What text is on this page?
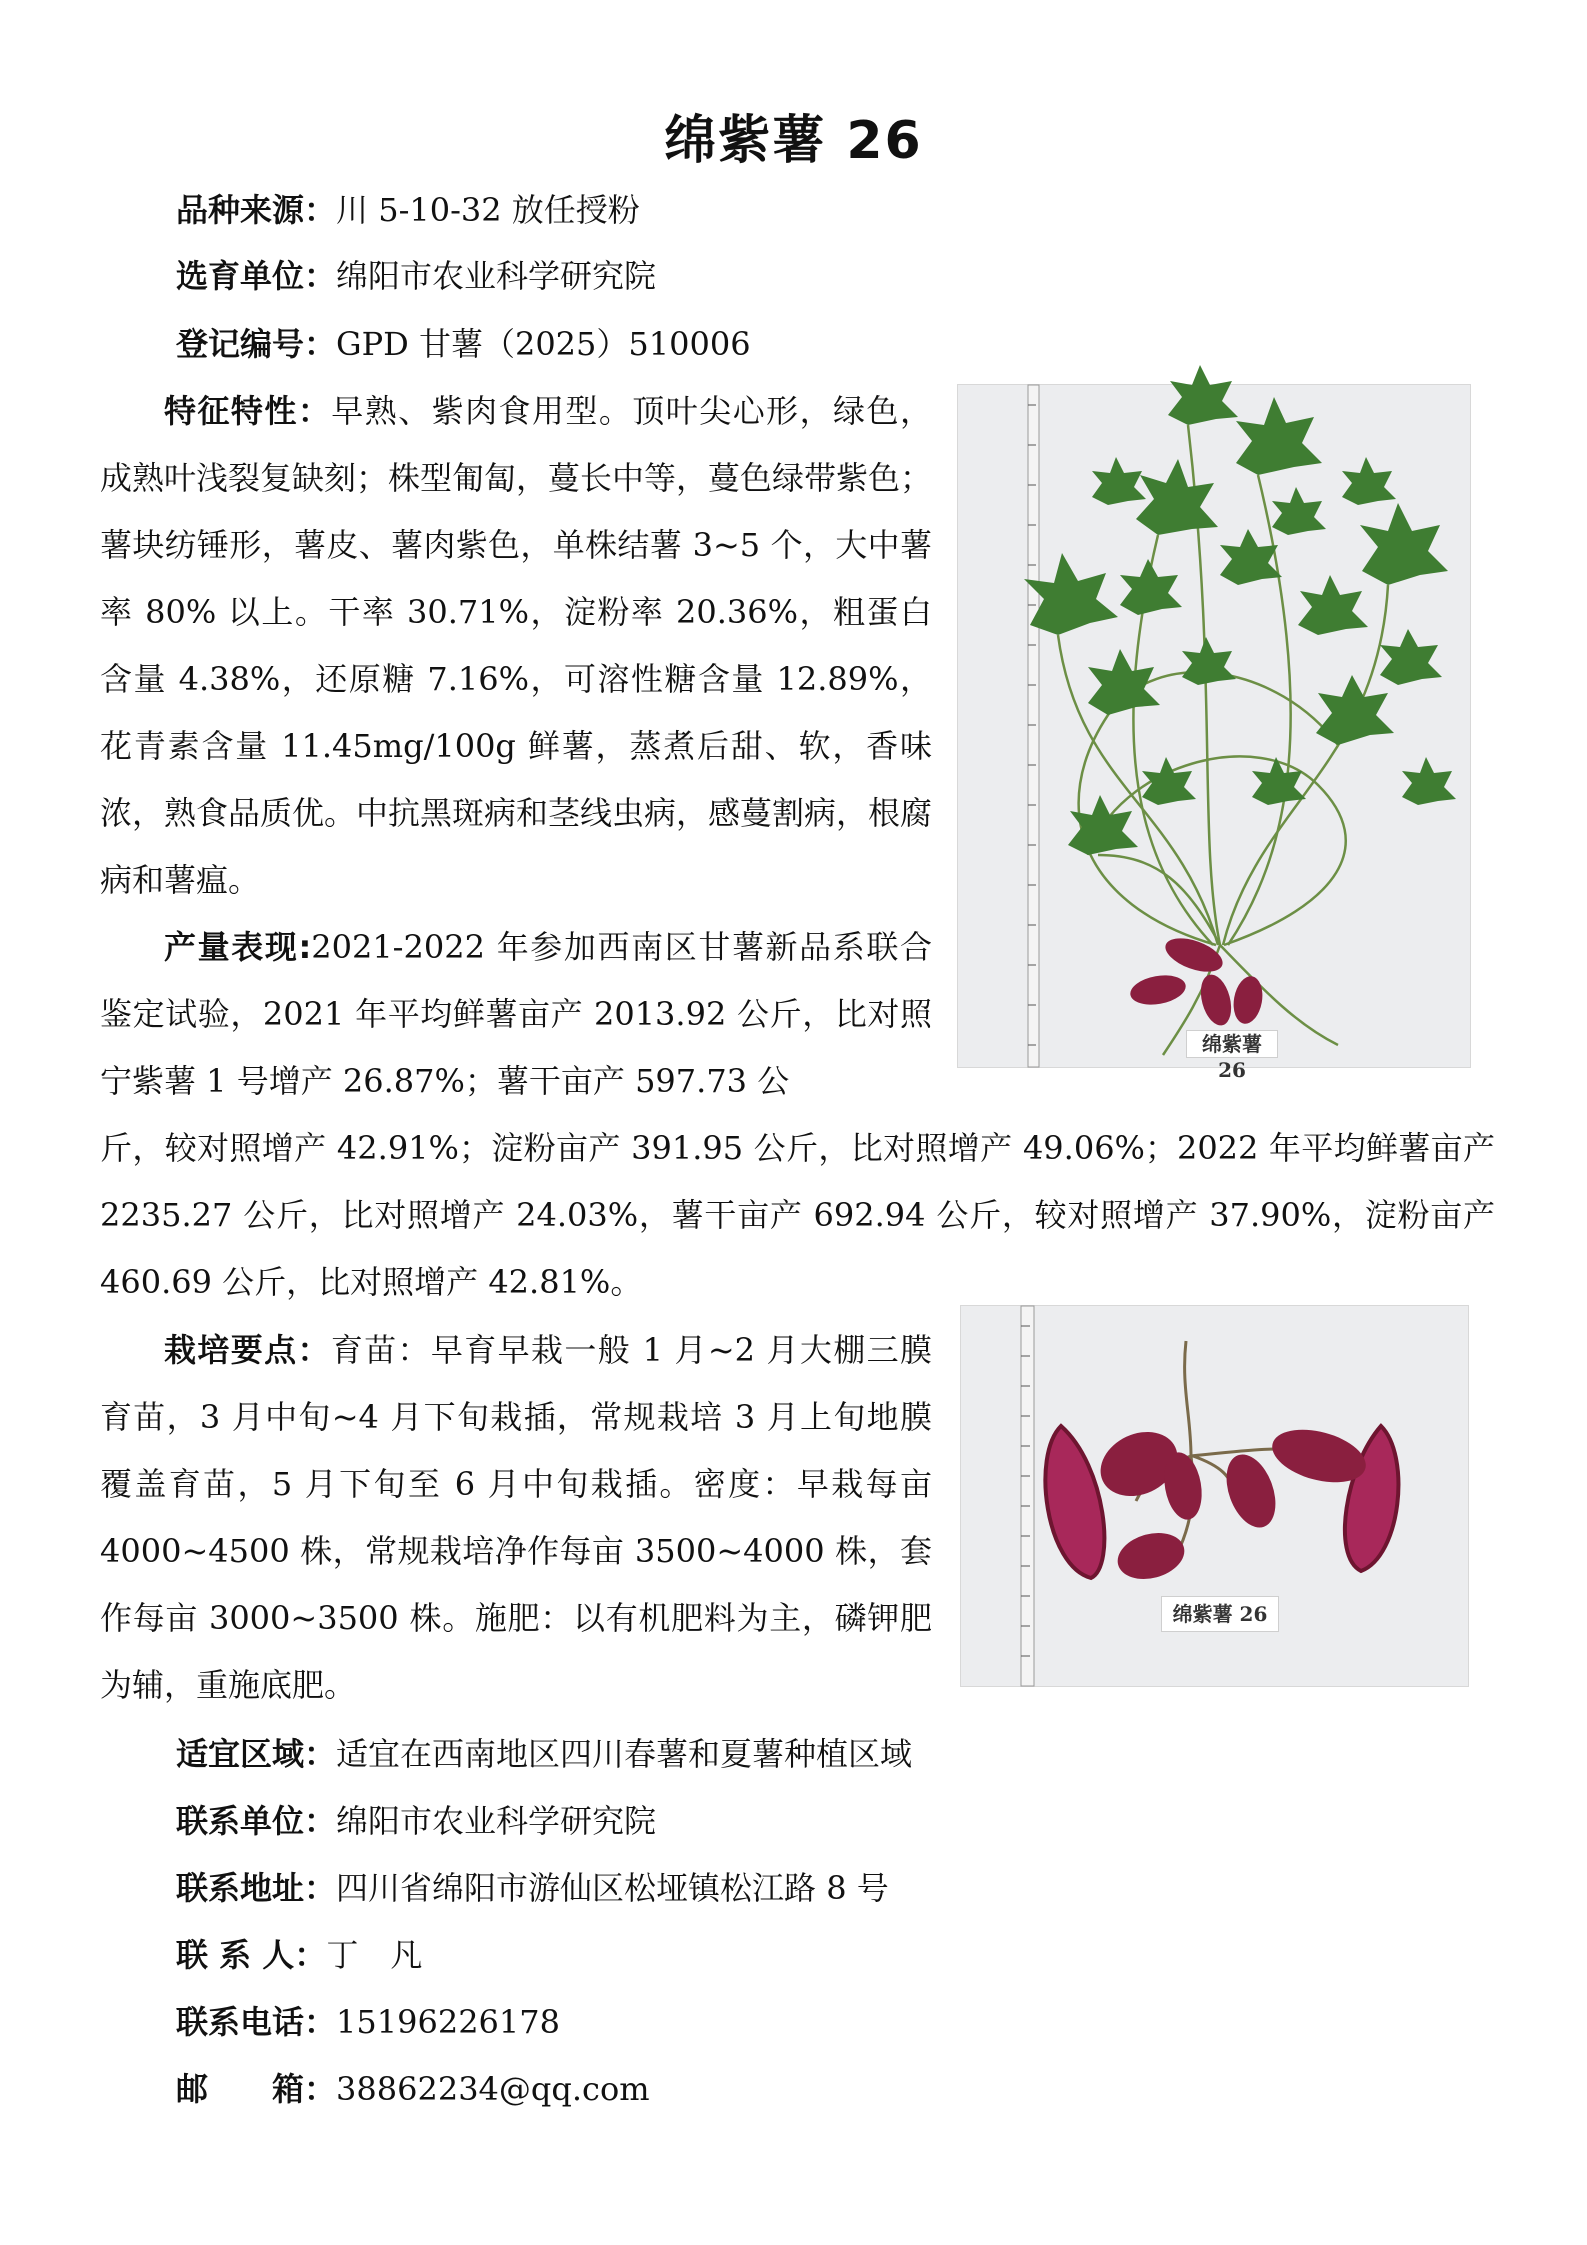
绵紫薯 26
品种来源：川 5-10-32 放任授粉
选育单位：绵阳市农业科学研究院
登记编号：GPD 甘薯（2025）510006
特征特性：早熟、紫肉食用型。顶叶尖心形，绿色，成熟叶浅裂复缺刻；株型匍匐，蔓长中等，蔓色绿带紫色；薯块纺锤形，薯皮、薯肉紫色，单株结薯 3~5 个，大中薯率 80% 以上。干率 30.71%，淀粉率 20.36%，粗蛋白含量 4.38%，还原糖 7.16%，可溶性糖含量 12.89%，花青素含量 11.45mg/100g 鲜薯，蒸煮后甜、软，香味浓，熟食品质优。中抗黑斑病和茎线虫病，感蔓割病，根腐病和薯瘟。
产量表现:2021-2022 年参加西南区甘薯新品系联合鉴定试验，2021 年平均鲜薯亩产 2013.92 公斤，比对照宁紫薯 1 号增产 26.87%；薯干亩产 597.73 公
斤，较对照增产 42.91%；淀粉亩产 391.95 公斤，比对照增产 49.06%；2022 年平均鲜薯亩产 2235.27 公斤，比对照增产 24.03%，薯干亩产 692.94 公斤，较对照增产 37.90%，淀粉亩产 460.69 公斤，比对照增产 42.81%。
栽培要点：育苗：早育早栽一般 1 月~2 月大棚三膜育苗，3 月中旬~4 月下旬栽插，常规栽培 3 月上旬地膜覆盖育苗，5 月下旬至 6 月中旬栽插。密度：早栽每亩 4000~4500 株，常规栽培净作每亩 3500~4000 株，套作每亩 3000~3500 株。施肥：以有机肥料为主，磷钾肥为辅，重施底肥。
适宜区域：适宜在西南地区四川春薯和夏薯种植区域
联系单位：绵阳市农业科学研究院
联系地址：四川省绵阳市游仙区松垭镇松江路 8 号
联 系 人：丁　凡
联系电话：15196226178
邮　　箱：38862234@qq.com
绵紫薯 26
绵紫薯 26
